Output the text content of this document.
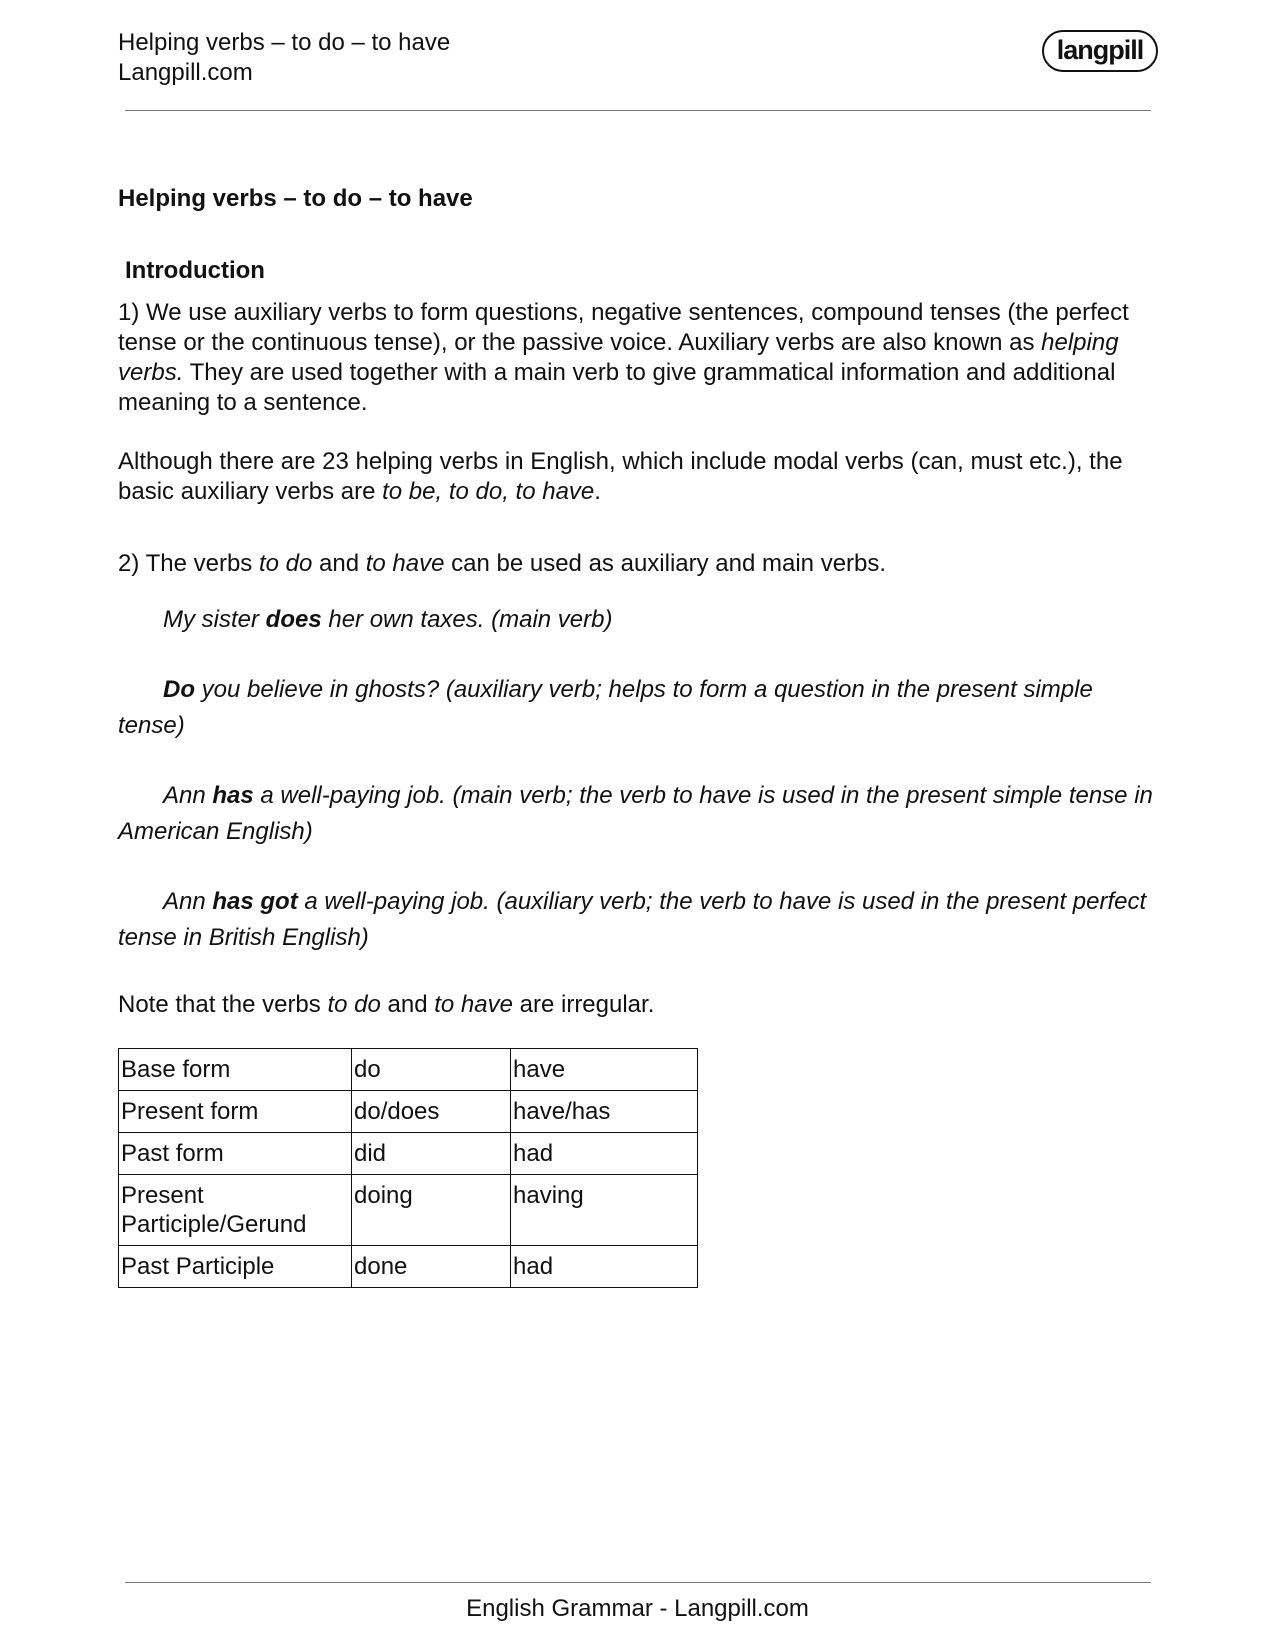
Helping verbs – to do – to have
Langpill.com
langpill
Helping verbs – to do – to have
Introduction

1) We use auxiliary verbs to form questions, negative sentences, compound tenses (the perfect tense or the continuous tense), or the passive voice. Auxiliary verbs are also known as helping verbs. They are used together with a main verb to give grammatical information and additional meaning to a sentence.

Although there are 23 helping verbs in English, which include modal verbs (can, must etc.), the basic auxiliary verbs are to be, to do, to have.

2) The verbs to do and to have can be used as auxiliary and main verbs.

My sister does her own taxes. (main verb)

Do you believe in ghosts? (auxiliary verb; helps to form a question in the present simple tense)

Ann has a well-paying job. (main verb; the verb to have is used in the present simple tense in American English)

Ann has got a well-paying job. (auxiliary verb; the verb to have is used in the present perfect tense in British English)

Note that the verbs to do and to have are irregular.

Base form	do	have
Present form	do/does	have/has
Past form	did	had
Present Participle/Gerund	doing	having
Past Participle	done	had
English Grammar - Langpill.com
